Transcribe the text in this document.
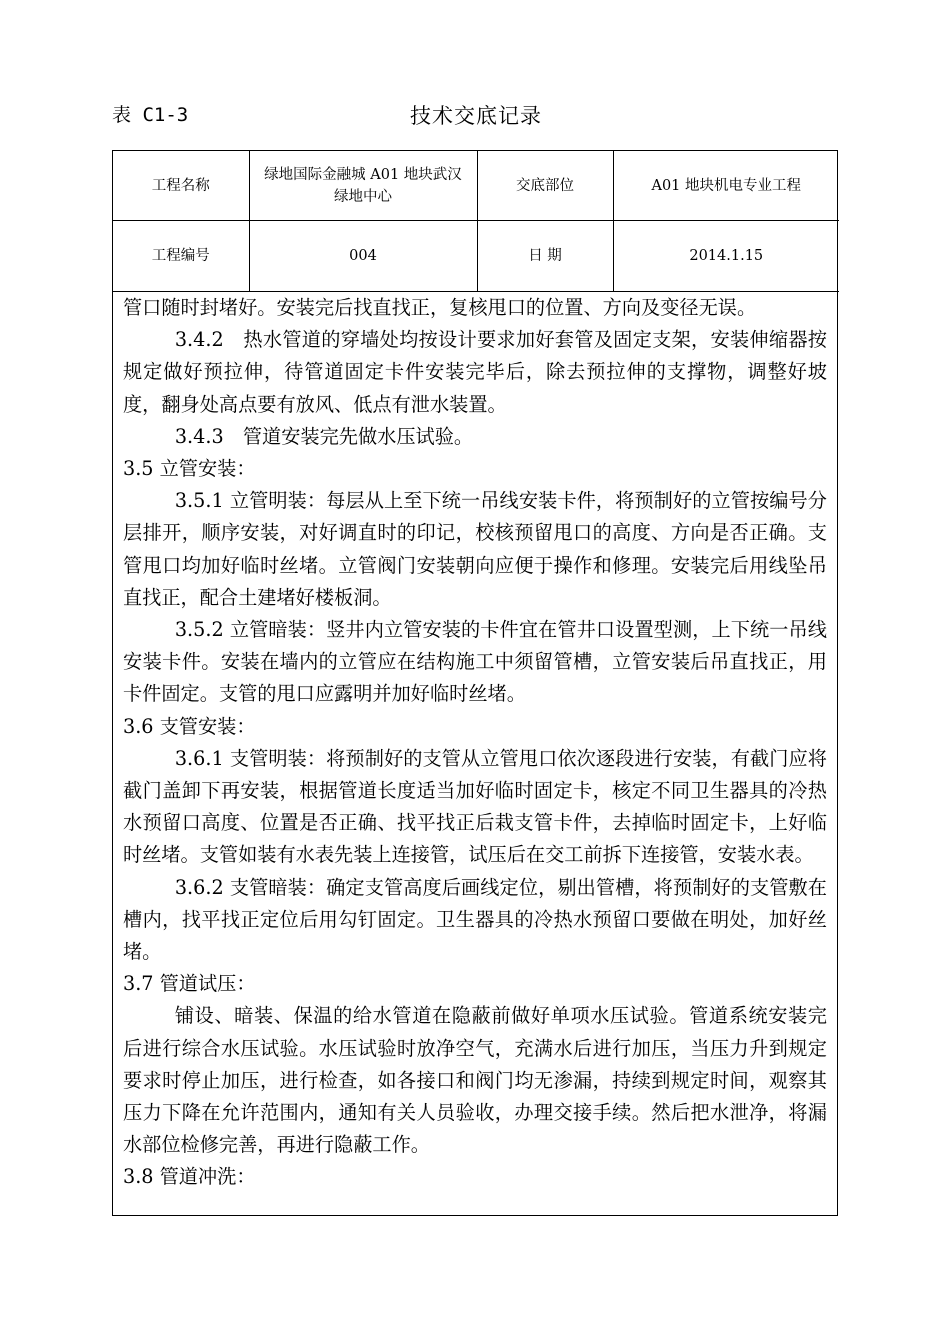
表 C1-3	技术交底记录
工程名称	绿地国际金融城 A01 地块武汉绿地中心	交底部位	A01 地块机电专业工程
工程编号	004	日 期	2014.1.15

管口随时封堵好。安装完后找直找正，复核甩口的位置、方向及变径无误。

3.4.2　热水管道的穿墙处均按设计要求加好套管及固定支架，安装伸缩器按规定做好预拉伸，待管道固定卡件安装完毕后，除去预拉伸的支撑物，调整好坡度，翻身处高点要有放风、低点有泄水装置。

3.4.3　管道安装完先做水压试验。

3.5 立管安装：

3.5.1 立管明装：每层从上至下统一吊线安装卡件，将预制好的立管按编号分层排开，顺序安装，对好调直时的印记，校核预留甩口的高度、方向是否正确。支管甩口均加好临时丝堵。立管阀门安装朝向应便于操作和修理。安装完后用线坠吊直找正，配合土建堵好楼板洞。

3.5.2 立管暗装：竖井内立管安装的卡件宜在管井口设置型测，上下统一吊线安装卡件。安装在墙内的立管应在结构施工中须留管槽，立管安装后吊直找正，用卡件固定。支管的甩口应露明并加好临时丝堵。

3.6 支管安装：

3.6.1 支管明装：将预制好的支管从立管甩口依次逐段进行安装，有截门应将截门盖卸下再安装，根据管道长度适当加好临时固定卡，核定不同卫生器具的冷热水预留口高度、位置是否正确、找平找正后栽支管卡件，去掉临时固定卡，上好临时丝堵。支管如装有水表先装上连接管，试压后在交工前拆下连接管，安装水表。

3.6.2 支管暗装：确定支管高度后画线定位，剔出管槽，将预制好的支管敷在槽内，找平找正定位后用勾钉固定。卫生器具的冷热水预留口要做在明处，加好丝堵。

3.7 管道试压：

铺设、暗装、保温的给水管道在隐蔽前做好单项水压试验。管道系统安装完后进行综合水压试验。水压试验时放净空气，充满水后进行加压，当压力升到规定要求时停止加压，进行检查，如各接口和阀门均无渗漏，持续到规定时间，观察其压力下降在允许范围内，通知有关人员验收，办理交接手续。然后把水泄净，将漏水部位检修完善，再进行隐蔽工作。

3.8 管道冲洗：
